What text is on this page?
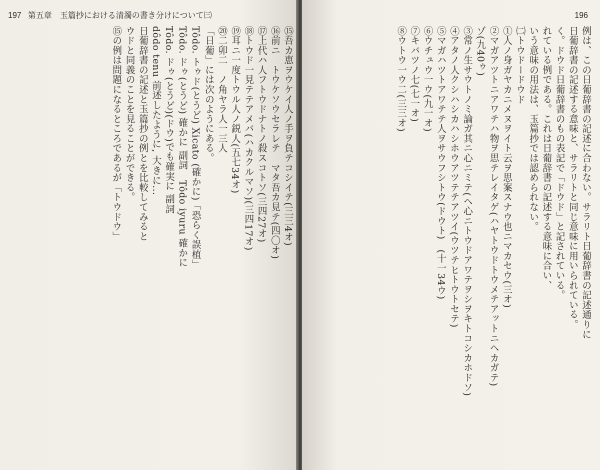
197 第五章　玉篇抄における清濁の書き分けについて㈢
⑮吾カ恵ヲウケイ人ノ手ヲ負テコシイテ(三三4オ)
⑯前ニ　トウケソウセラレテ　マタ吾カ見テ(四〇オ)
⑰上代ハ人フトウドナトノ殺スコトソ(三四27オ)
⑱トウド一見テテアメバ(ハカクルマソ)(三四17オ)
⑲耳ニ一度トウル人ノ鋭人(五七34オ)
⑳二卯二　ノ角ヤラ人一三人
「日葡」には次のようにある。
Tôdo. トゥド(とうど) Xicato (確かに)「恐らく誤植」
Tôdo. ドゥ(とうど) 確かに 副詞　Tôdo iyuru 確かに
Tôdo. ドゥ(とうど)(ドウ)でも確実に 副詞
dôdo tenu 前述したように, 大きに...
日葡辞書の記述と玉篇抄の例とを比較してみると
ウドと同義のことを見ることができる。
⑮の例は問題になるところであるが「トウドウ」
196
例は、この日葡辞書の記述に合わない。サラリト日葡辞書の記述通りに
日葡辞書の記述する意味と、サラリトと同じ意味に用いられている。
く。ドウド日葡辞書のもの表記で「ドウド」と記されている。
れている例である。これは日葡辞書の記述する意味に合い、
いう意味の用法は、玉篇抄では認められない。
㈡トウドードウド
①人ノ身ガヤカニメヌヲイト云ヲ思案スナウ也ニマカセウ(三オ)
②マガアツトニアワテハ物ヲ思テレイタゲ(ハヤトウドトウメテアットニヘカガテ)
ゾ(九40ゥ)
③常ノ生サウトノミ論ガ其ニ心ニミテ(ヘ心ニトウドアワテヲシヲキトコシカホドソ)
④アタノ人クシハシカハシホウアツテテアツイ(ウツテヒトウトセテ)
⑤マガハツトアワテテ人ヲサウフシトウ(ドウト)　(十一34ウ)
⑥ウチュウ一ウ(九一オ)
⑦キバツノ七(七一オ)
⑧ウトウ一ウ二(三三オ)
